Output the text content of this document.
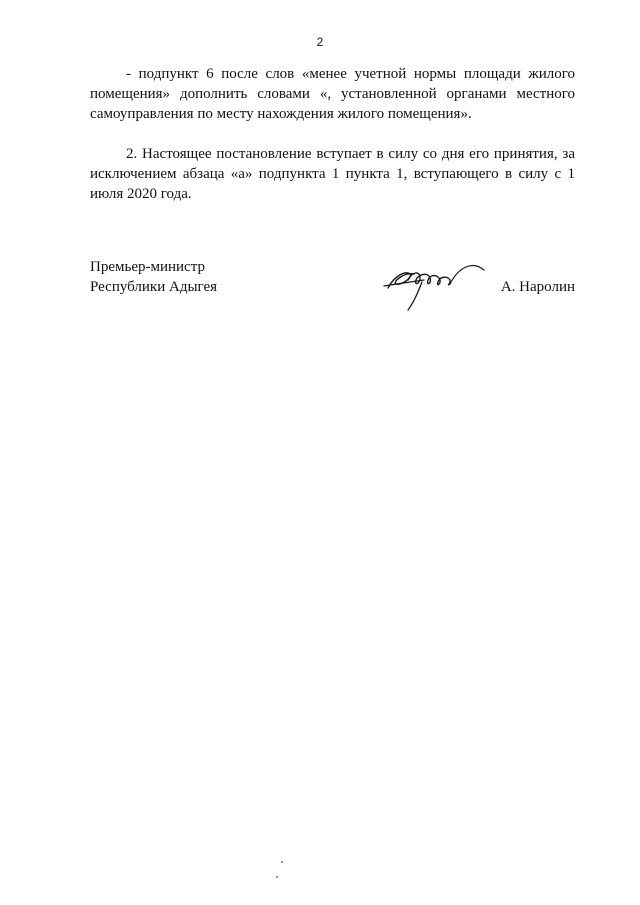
2

- подпункт 6 после слов «менее учетной нормы площади жилого помещения» дополнить словами «, установленной органами местного самоуправления по месту нахождения жилого помещения».

2. Настоящее постановление вступает в силу со дня его принятия, за исключением абзаца «а» подпункта 1 пункта 1, вступающего в силу с 1 июля 2020 года.

Премьер-министр
Республики Адыгея	А. Наролин
